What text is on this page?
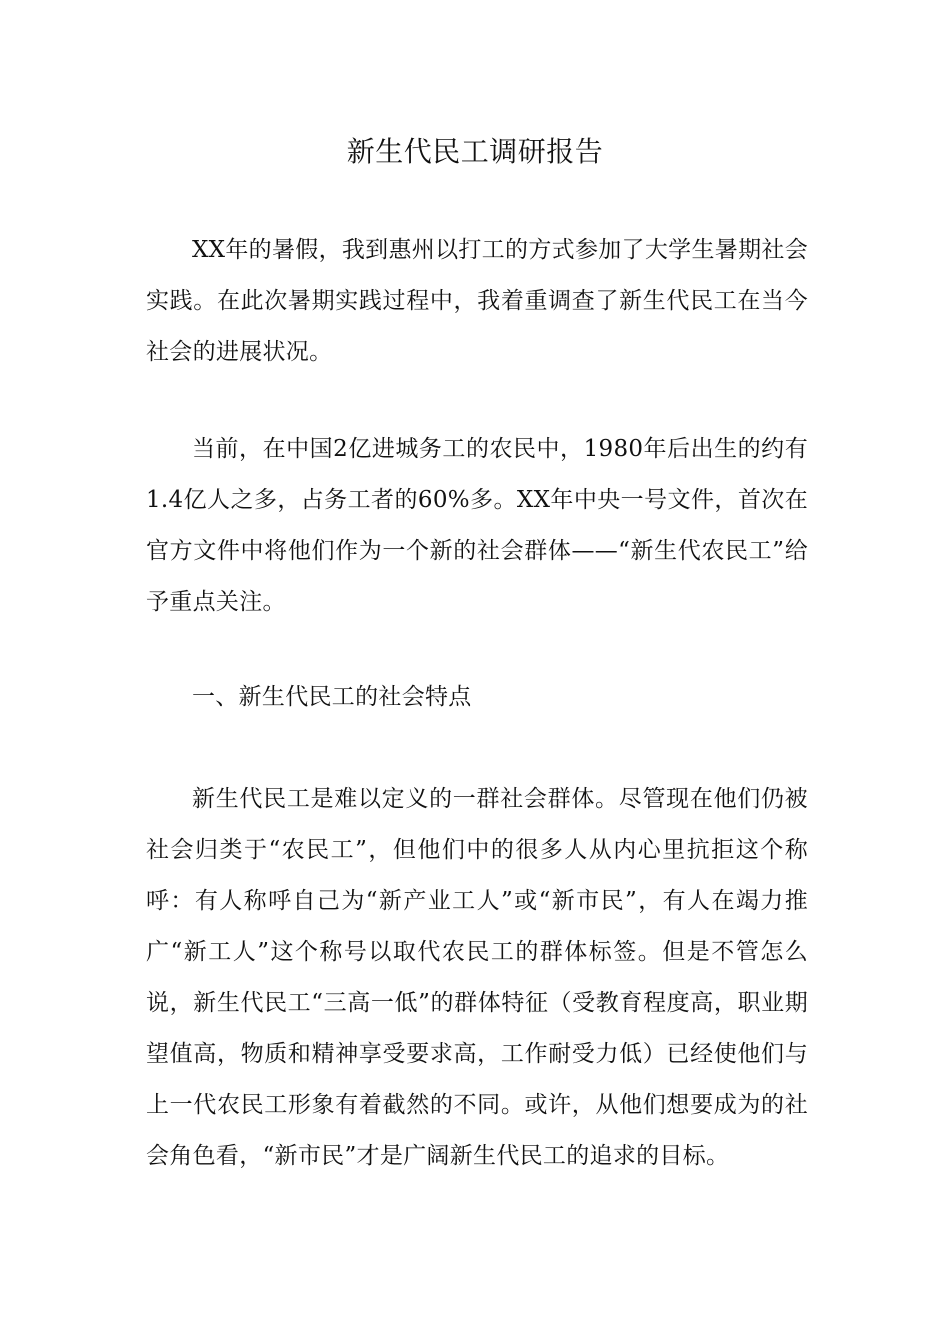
新生代民工调研报告

XX年的暑假，我到惠州以打工的方式参加了大学生暑期社会实践。在此次暑期实践过程中，我着重调查了新生代民工在当今社会的进展状况。

当前，在中国2亿进城务工的农民中，1980年后出生的约有1.4亿人之多，占务工者的60%多。XX年中央一号文件，首次在官方文件中将他们作为一个新的社会群体——“新生代农民工”给予重点关注。

一、新生代民工的社会特点

新生代民工是难以定义的一群社会群体。尽管现在他们仍被社会归类于“农民工”，但他们中的很多人从内心里抗拒这个称呼：有人称呼自己为“新产业工人”或“新市民”，有人在竭力推广“新工人”这个称号以取代农民工的群体标签。但是不管怎么说，新生代民工“三高一低”的群体特征（受教育程度高，职业期望值高，物质和精神享受要求高，工作耐受力低）已经使他们与上一代农民工形象有着截然的不同。或许，从他们想要成为的社会角色看，“新市民”才是广阔新生代民工的追求的目标。
